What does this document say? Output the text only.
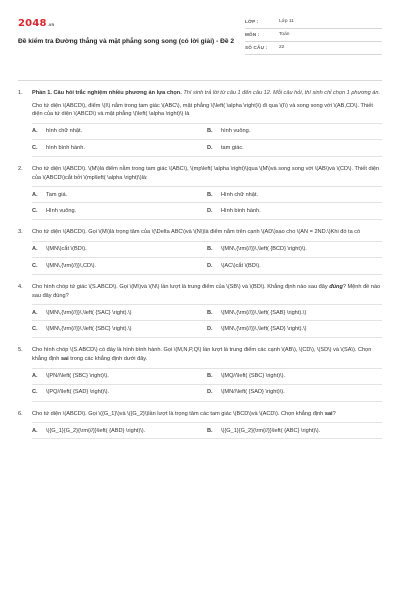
2048 .vn
Đề kiểm tra Đường thẳng và mặt phẳng song song (có lời giải) - Đề 2
LỚP :	Lớp 11
MÔN :	Toán
SỐ CÂU :	22
1.	Phần 1. Câu hỏi trắc nghiệm nhiều phương án lựa chọn. Thí sinh trả lời từ câu 1 đến câu 12. Mỗi câu hỏi, thí sinh chỉ chọn 1 phương án.
Cho tứ diện \(ABCD\), điểm \(I\) nằm trong tam giác \(ABC\), mặt phẳng \(\left( \alpha \right)\) đi qua \(I\) và song song với \(AB,CD\). Thiết diện của tứ diện \(ABCD\) và mặt phẳng \(\left( \alpha \right)\) là
A.	hình chữ nhật.	B.	hình vuông.
C.	hình bình hành.	D.	tam giác.
2.	Cho tứ diện \(ABCD\). \(M\)là điểm nằm trong tam giác \(ABC\), \(mp\left( \alpha \right)\)qua \(M\)và song song với \(AB\)và \(CD\). Thiết diện của \(ABCD\)cắt bởi \(mp\left( \alpha \right)\)là:
A.	Tam giá.	B.	Hình chữ nhật.
C.	Hình vuông.	D.	Hình bình hành.
3.	Cho tứ diện \(ABCD\). Gọi \(M\)là trọng tâm của \(\Delta ABC\)và \(N\)là điểm nằm trên cạnh \(AD\)sao cho \(AN = 2ND.\)Khi đó ta có
A.	\(MN\)cắt \(BD\).	B.	\(MN\,{\rm{//}}\,\left( {BCD} \right)\).
C.	\(MN\,{\rm{//}}\,CD\).	D.	\(AC\)cắt \(BD\).
4.	Cho hình chóp tứ giác \(S.ABCD\). Gọi \(M\)và \(N\) lần lượt là trung điểm của \(SB\) và \(BD\). Khẳng định nào sau đây đúng? Mệnh đề nào sau đây đúng?
A.	\(MN\,{\rm{//}}\,\left( {SAC} \right).\)	B.	\(MN\,{\rm{//}}\,\left( {SAB} \right).\)
C.	\(MN\,{\rm{//}}\,\left( {SBC} \right).\)	D.	\(MN\,{\rm{//}}\,\left( {SAD} \right).\)
5.	Cho hình chóp \(S.ABCD\) có đáy là hình bình hành. Gọi \(M,N,P,Q\) lần lượt là trung điểm các cạnh \(AB\), \(CD\), \(SD\) và \(SA\). Chọn khẳng định sai trong các khẳng định dưới đây.
A.	\(PN//\left( {SBC} \right)\).	B.	\(MQ//\left( {SBC} \right)\).
C.	\(PQ//\left( {SAD} \right)\).	D.	\(MN//\left( {SAD} \right)\).
6.	Cho tứ diện \(ABCD\). Gọi \({G_1}\)và \({G_2}\)lần lượt là trọng tâm các tam giác \(BCD\)và \(ACD\). Chọn khẳng định sai?
A.	\({G_1}{G_2}{\rm{//}}\left( {ABD} \right)\).	B.	\({G_1}{G_2}{\rm{//}}\left( {ABC} \right)\).
